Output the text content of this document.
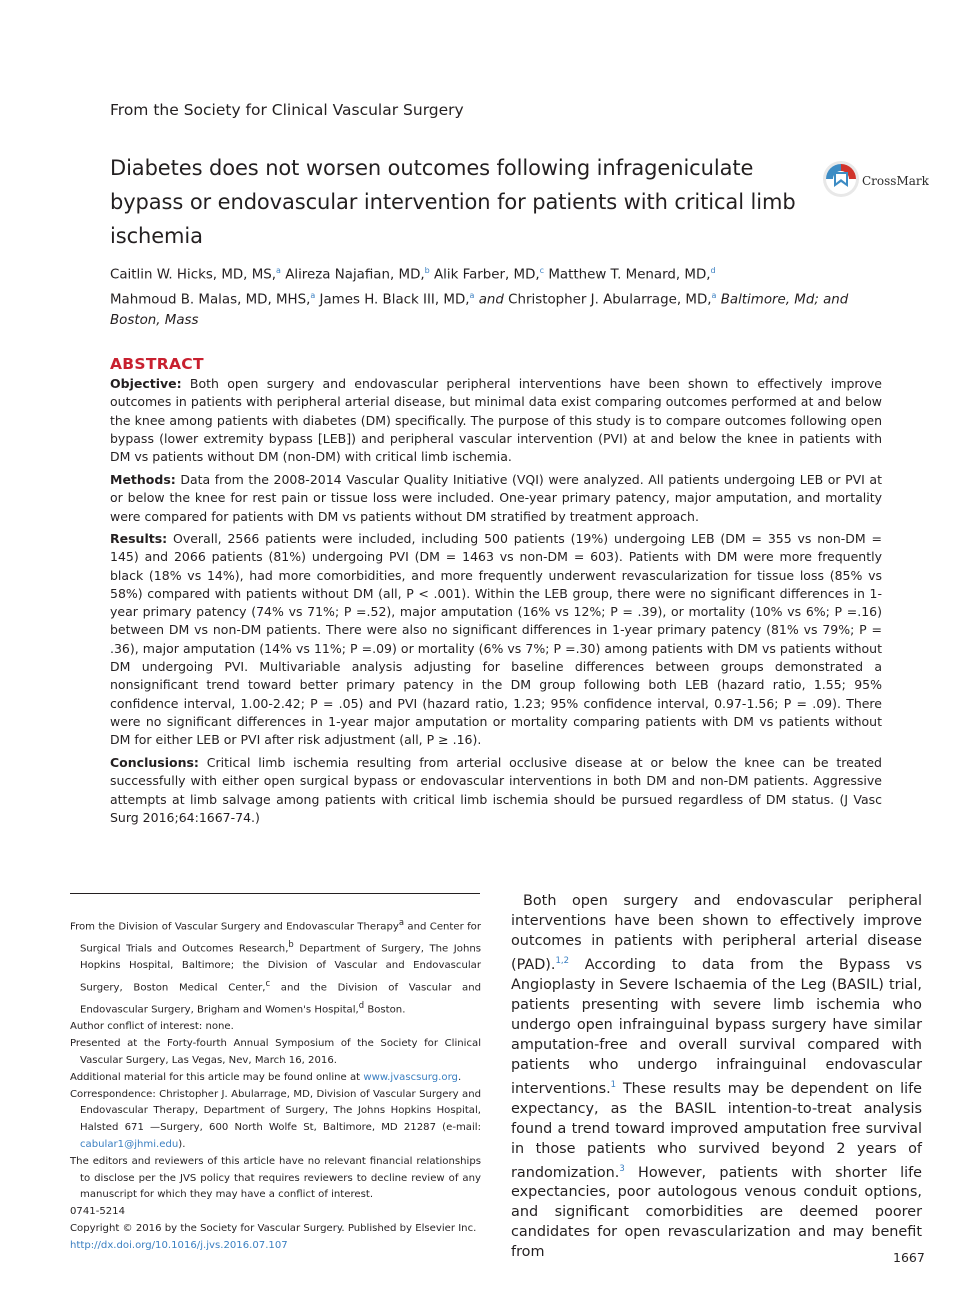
From the Society for Clinical Vascular Surgery
Diabetes does not worsen outcomes following infrageniculate bypass or endovascular intervention for patients with critical limb ischemia
CrossMark
Caitlin W. Hicks, MD, MS,$^a$ Alireza Najafian, MD,$^b$ Alik Farber, MD,$^c$ Matthew T. Menard, MD,$^d$
Mahmoud B. Malas, MD, MHS,$^a$ James H. Black III, MD,$^a$ and Christopher J. Abularrage, MD,$^a$ Baltimore, Md; and Boston, Mass
ABSTRACT
Objective: Both open surgery and endovascular peripheral interventions have been shown to effectively improve outcomes in patients with peripheral arterial disease, but minimal data exist comparing outcomes performed at and below the knee among patients with diabetes (DM) specifically. The purpose of this study is to compare outcomes following open bypass (lower extremity bypass [LEB]) and peripheral vascular intervention (PVI) at and below the knee in patients with DM vs patients without DM (non-DM) with critical limb ischemia.
Methods: Data from the 2008-2014 Vascular Quality Initiative (VQI) were analyzed. All patients undergoing LEB or PVI at or below the knee for rest pain or tissue loss were included. One-year primary patency, major amputation, and mortality were compared for patients with DM vs patients without DM stratified by treatment approach.
Results: Overall, 2566 patients were included, including 500 patients (19%) undergoing LEB (DM = 355 vs non-DM = 145) and 2066 patients (81%) undergoing PVI (DM = 1463 vs non-DM = 603). Patients with DM were more frequently black (18% vs 14%), had more comorbidities, and more frequently underwent revascularization for tissue loss (85% vs 58%) compared with patients without DM (all, P < .001). Within the LEB group, there were no significant differences in 1-year primary patency (74% vs 71%; P =.52), major amputation (16% vs 12%; P = .39), or mortality (10% vs 6%; P =.16) between DM vs non-DM patients. There were also no significant differences in 1-year primary patency (81% vs 79%; P = .36), major amputation (14% vs 11%; P =.09) or mortality (6% vs 7%; P =.30) among patients with DM vs patients without DM undergoing PVI. Multivariable analysis adjusting for baseline differences between groups demonstrated a nonsignificant trend toward better primary patency in the DM group following both LEB (hazard ratio, 1.55; 95% confidence interval, 1.00-2.42; P = .05) and PVI (hazard ratio, 1.23; 95% confidence interval, 0.97-1.56; P = .09). There were no significant differences in 1-year major amputation or mortality comparing patients with DM vs patients without DM for either LEB or PVI after risk adjustment (all, P ≥ .16).
Conclusions: Critical limb ischemia resulting from arterial occlusive disease at or below the knee can be treated successfully with either open surgical bypass or endovascular interventions in both DM and non-DM patients. Aggressive attempts at limb salvage among patients with critical limb ischemia should be pursued regardless of DM status. (J Vasc Surg 2016;64:1667-74.)
From the Division of Vascular Surgery and Endovascular Therapy$^a$ and Center for Surgical Trials and Outcomes Research,$^b$ Department of Surgery, The Johns Hopkins Hospital, Baltimore; the Division of Vascular and Endovascular Surgery, Boston Medical Center,$^c$ and the Division of Vascular and Endovascular Surgery, Brigham and Women's Hospital,$^d$ Boston.
Author conflict of interest: none.
Presented at the Forty-fourth Annual Symposium of the Society for Clinical Vascular Surgery, Las Vegas, Nev, March 16, 2016.
Additional material for this article may be found online at www.jvascsurg.org.
Correspondence: Christopher J. Abularrage, MD, Division of Vascular Surgery and Endovascular Therapy, Department of Surgery, The Johns Hopkins Hospital, Halsted 671 —Surgery, 600 North Wolfe St, Baltimore, MD 21287 (e-mail: cabular1@jhmi.edu).
The editors and reviewers of this article have no relevant financial relationships to disclose per the JVS policy that requires reviewers to decline review of any manuscript for which they may have a conflict of interest.
0741-5214
Copyright © 2016 by the Society for Vascular Surgery. Published by Elsevier Inc.
http://dx.doi.org/10.1016/j.jvs.2016.07.107
Both open surgery and endovascular peripheral interventions have been shown to effectively improve outcomes in patients with peripheral arterial disease (PAD).$^{1,2}$ According to data from the Bypass vs Angioplasty in Severe Ischaemia of the Leg (BASIL) trial, patients presenting with severe limb ischemia who undergo open infrainguinal bypass surgery have similar amputation-free and overall survival compared with patients who undergo infrainguinal endovascular interventions.$^1$ These results may be dependent on life expectancy, as the BASIL intention-to-treat analysis found a trend toward improved amputation free survival in those patients who survived beyond 2 years of randomization.$^3$ However, patients with shorter life expectancies, poor autologous venous conduit options, and significant comorbidities are deemed poorer candidates for open revascularization and may benefit from	1667
